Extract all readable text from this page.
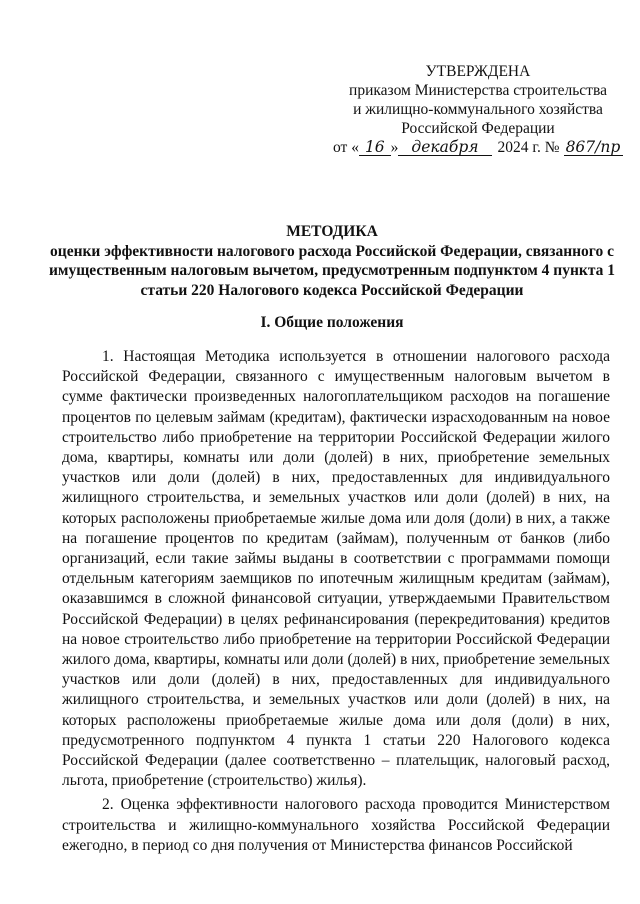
УТВЕРЖДЕНА
приказом Министерства строительства
и жилищно-коммунального хозяйства
Российской Федерации
от « 16 » декабря	2024 г. № 867/пр
МЕТОДИКА
оценки эффективности налогового расхода Российской Федерации, связанного с имущественным налоговым вычетом, предусмотренным подпунктом 4 пункта 1 статьи 220 Налогового кодекса Российской Федерации
I. Общие положения

1. Настоящая Методика используется в отношении налогового расхода Российской Федерации, связанного с имущественным налоговым вычетом в сумме фактически произведенных налогоплательщиком расходов на погашение процентов по целевым займам (кредитам), фактически израсходованным на новое строительство либо приобретение на территории Российской Федерации жилого дома, квартиры, комнаты или доли (долей) в них, приобретение земельных участков или доли (долей) в них, предоставленных для индивидуального жилищного строительства, и земельных участков или доли (долей) в них, на которых расположены приобретаемые жилые дома или доля (доли) в них, а также на погашение процентов по кредитам (займам), полученным от банков (либо организаций, если такие займы выданы в соответствии с программами помощи отдельным категориям заемщиков по ипотечным жилищным кредитам (займам), оказавшимся в сложной финансовой ситуации, утверждаемыми Правительством Российской Федерации) в целях рефинансирования (перекредитования) кредитов на новое строительство либо приобретение на территории Российской Федерации жилого дома, квартиры, комнаты или доли (долей) в них, приобретение земельных участков или доли (долей) в них, предоставленных для индивидуального жилищного строительства, и земельных участков или доли (долей) в них, на которых расположены приобретаемые жилые дома или доля (доли) в них, предусмотренного подпунктом 4 пункта 1 статьи 220 Налогового кодекса Российской Федерации (далее соответственно – плательщик, налоговый расход, льгота, приобретение (строительство) жилья).

2. Оценка эффективности налогового расхода проводится Министерством строительства и жилищно-коммунального хозяйства Российской Федерации ежегодно, в период со дня получения от Министерства финансов Российской
